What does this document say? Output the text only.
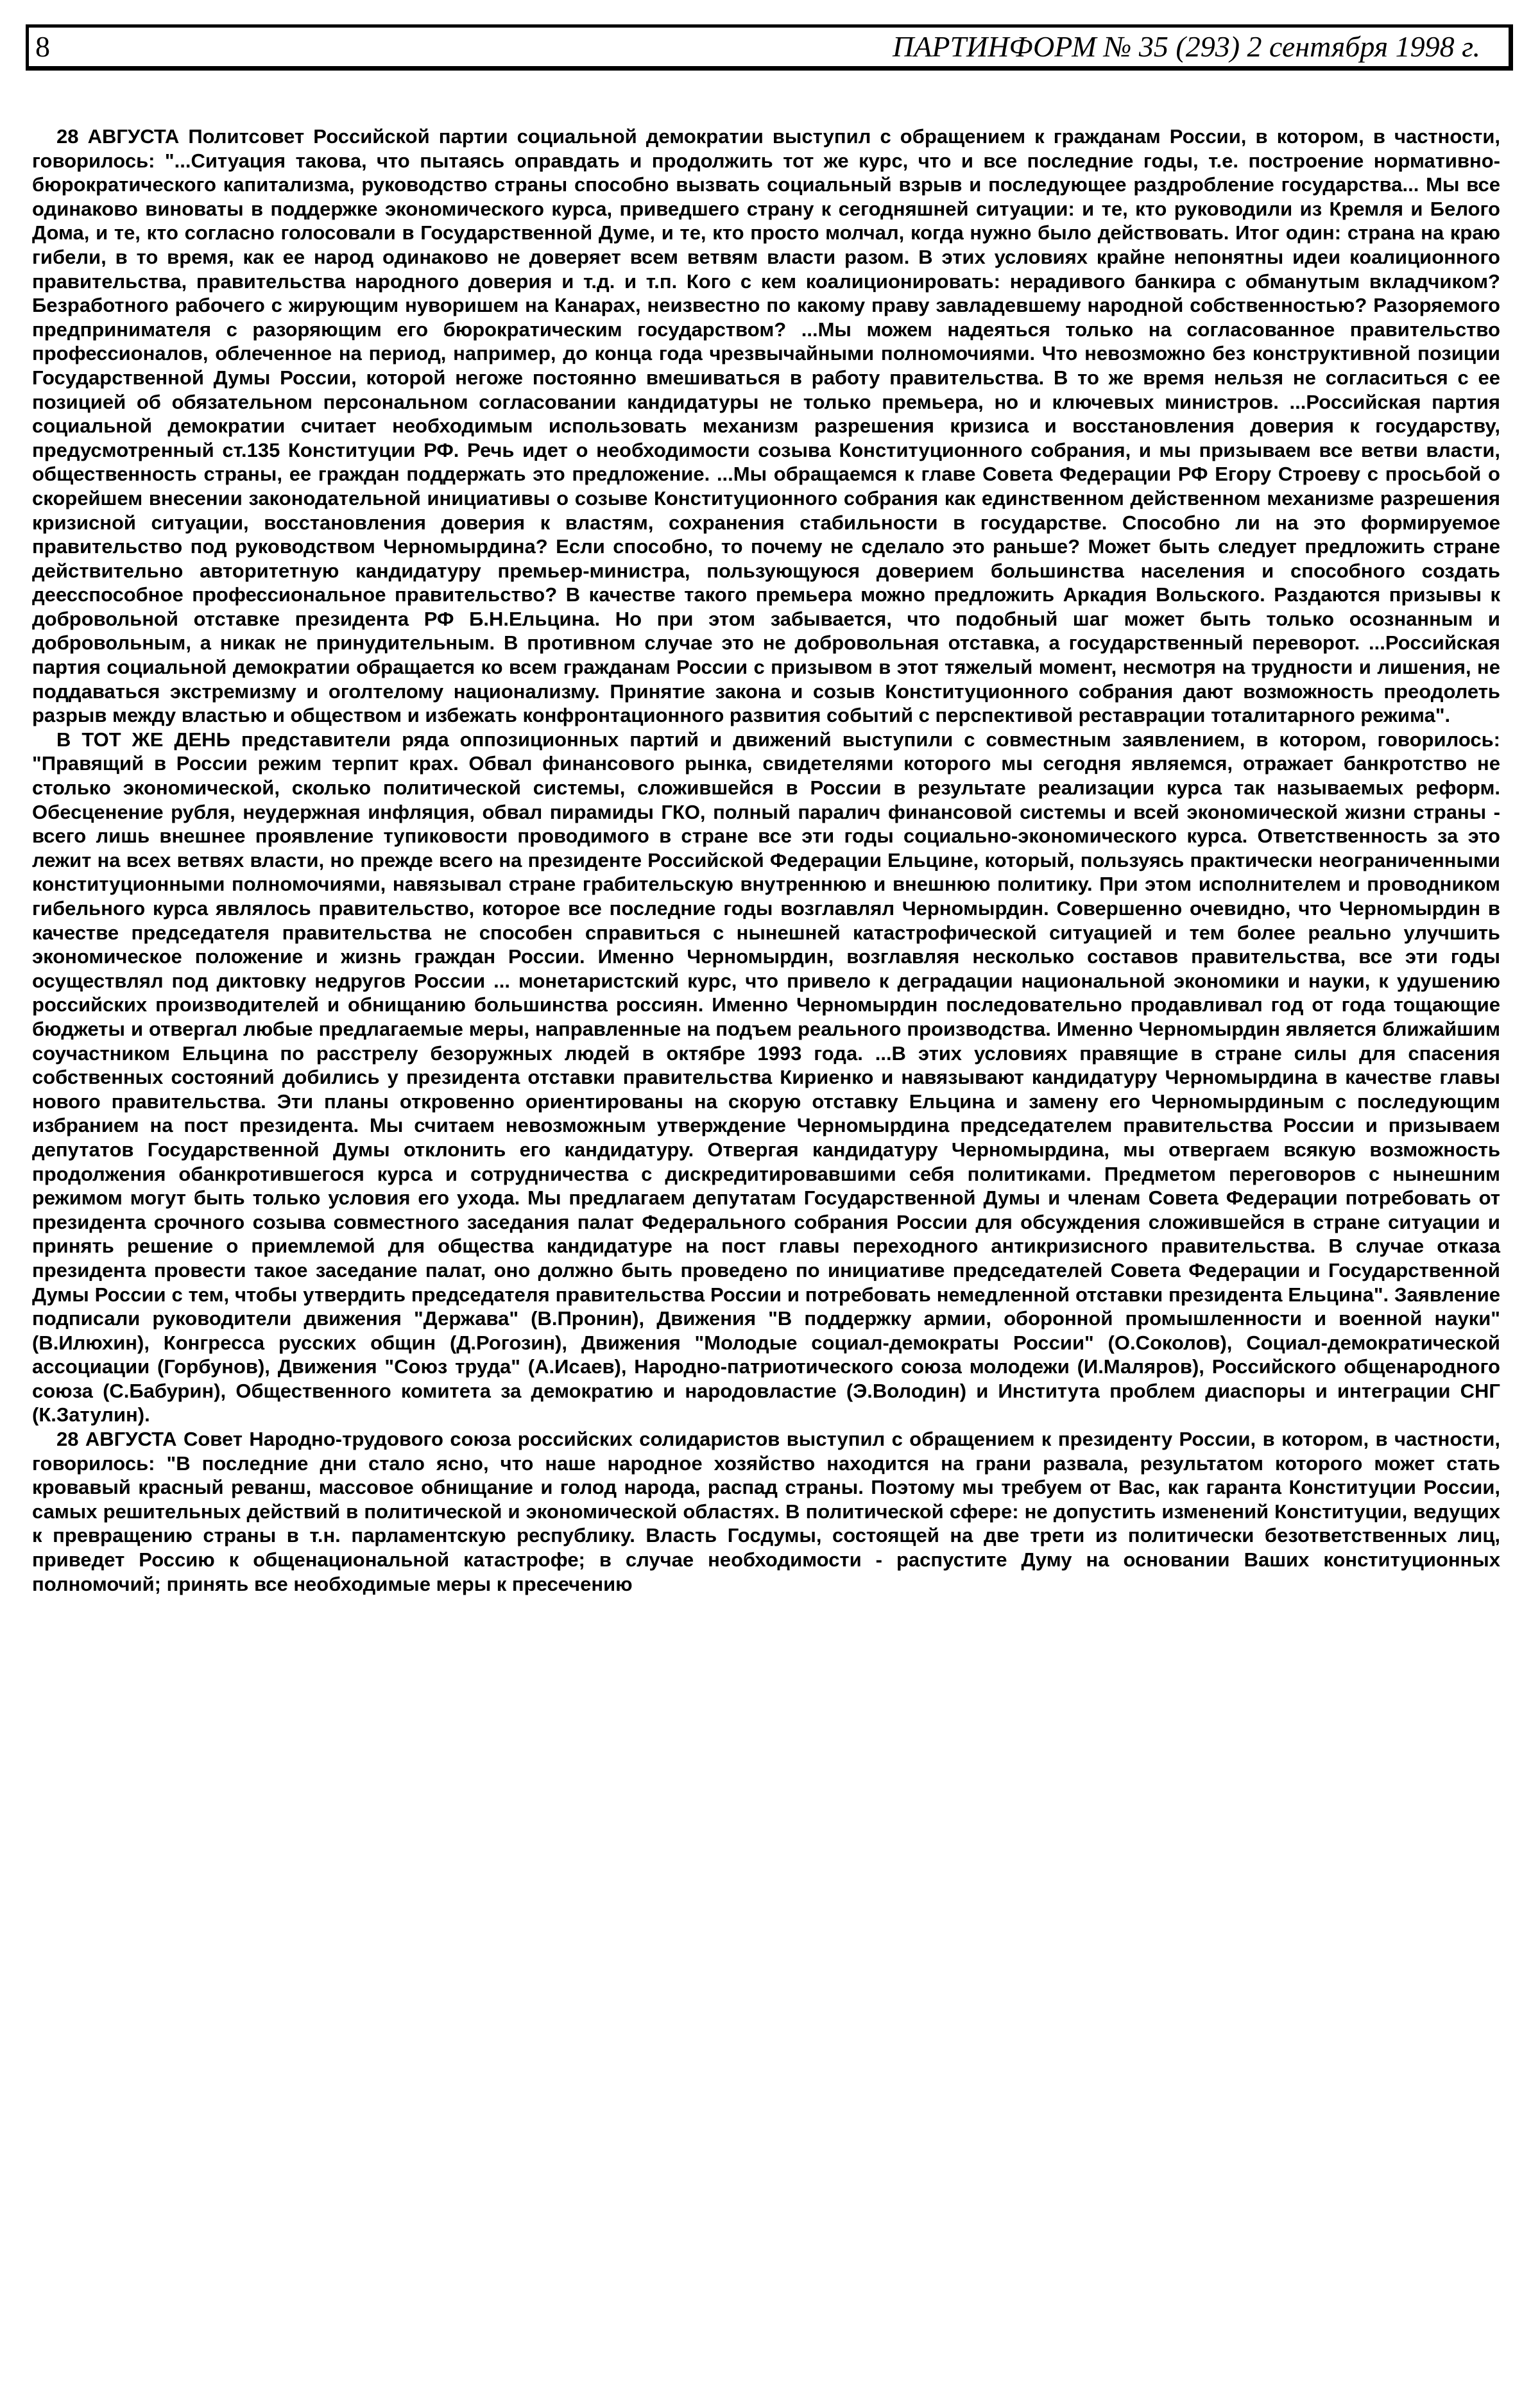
8	ПАРТИНФОРМ № 35 (293) 2 сентября 1998 г.

28 АВГУСТА Политсовет Российской партии социальной демократии выступил с обращением к гражданам России, в котором, в частности, говорилось: "...Ситуация такова, что пытаясь оправдать и продолжить тот же курс, что и все последние годы, т.е. построение нормативно-бюрократического капитализма, руководство страны способно вызвать социальный взрыв и последующее раздробление государства... Мы все одинаково виноваты в поддержке экономического курса, приведшего страну к сегодняшней ситуации: и те, кто руководили из Кремля и Белого Дома, и те, кто согласно голосовали в Государственной Думе, и те, кто просто молчал, когда нужно было действовать. Итог один: страна на краю гибели, в то время, как ее народ одинаково не доверяет всем ветвям власти разом. В этих условиях крайне непонятны идеи коалиционного правительства, правительства народного доверия и т.д. и т.п. Кого с кем коалиционировать: нерадивого банкира с обманутым вкладчиком? Безработного рабочего с жирующим нуворишем на Канарах, неизвестно по какому праву завладевшему народной собственностью? Разоряемого предпринимателя с разоряющим его бюрократическим государством? ...Мы можем надеяться только на согласованное правительство профессионалов, облеченное на период, например, до конца года чрезвычайными полномочиями. Что невозможно без конструктивной позиции Государственной Думы России, которой негоже постоянно вмешиваться в работу правительства. В то же время нельзя не согласиться с ее позицией об обязательном персональном согласовании кандидатуры не только премьера, но и ключевых министров. ...Российская партия социальной демократии считает необходимым использовать механизм разрешения кризиса и восстановления доверия к государству, предусмотренный ст.135 Конституции РФ. Речь идет о необходимости созыва Конституционного собрания, и мы призываем все ветви власти, общественность страны, ее граждан поддержать это предложение. ...Мы обращаемся к главе Совета Федерации РФ Егору Строеву с просьбой о скорейшем внесении законодательной инициативы о созыве Конституционного собрания как единственном действенном механизме разрешения кризисной ситуации, восстановления доверия к властям, сохранения стабильности в государстве. Способно ли на это формируемое правительство под руководством Черномырдина? Если способно, то почему не сделало это раньше? Может быть следует предложить стране действительно авторитетную кандидатуру премьер-министра, пользующуюся доверием большинства населения и способного создать деесспособное профессиональное правительство? В качестве такого премьера можно предложить Аркадия Вольского. Раздаются призывы к добровольной отставке президента РФ Б.Н.Ельцина. Но при этом забывается, что подобный шаг может быть только осознанным и добровольным, а никак не принудительным. В противном случае это не добровольная отставка, а государственный переворот. ...Российская партия социальной демократии обращается ко всем гражданам России с призывом в этот тяжелый момент, несмотря на трудности и лишения, не поддаваться экстремизму и оголтелому национализму. Принятие закона и созыв Конституционного собрания дают возможность преодолеть разрыв между властью и обществом и избежать конфронтационного развития событий с перспективой реставрации тоталитарного режима".

В ТОТ ЖЕ ДЕНЬ представители ряда оппозиционных партий и движений выступили с совместным заявлением, в котором, говорилось: "Правящий в России режим терпит крах. Обвал финансового рынка, свидетелями которого мы сегодня являемся, отражает банкротство не столько экономической, сколько политической системы, сложившейся в России в результате реализации курса так называемых реформ. Обесценение рубля, неудержная инфляция, обвал пирамиды ГКО, полный паралич финансовой системы и всей экономической жизни страны - всего лишь внешнее проявление тупиковости проводимого в стране все эти годы социально-экономического курса. Ответственность за это лежит на всех ветвях власти, но прежде всего на президенте Российской Федерации Ельцине, который, пользуясь практически неограниченными конституционными полномочиями, навязывал стране грабительскую внутреннюю и внешнюю политику. При этом исполнителем и проводником гибельного курса являлось правительство, которое все последние годы возглавлял Черномырдин. Совершенно очевидно, что Черномырдин в качестве председателя правительства не способен справиться с нынешней катастрофической ситуацией и тем более реально улучшить экономическое положение и жизнь граждан России. Именно Черномырдин, возглавляя несколько составов правительства, все эти годы осуществлял под диктовку недругов России ... монетаристский курс, что привело к деградации национальной экономики и науки, к удушению российских производителей и обнищанию большинства россиян. Именно Черномырдин последовательно продавливал год от года тощающие бюджеты и отвергал любые предлагаемые меры, направленные на подъем реального производства. Именно Черномырдин является ближайшим соучастником Ельцина по расстрелу безоружных людей в октябре 1993 года. ...В этих условиях правящие в стране силы для спасения собственных состояний добились у президента отставки правительства Кириенко и навязывают кандидатуру Черномырдина в качестве главы нового правительства. Эти планы откровенно ориентированы на скорую отставку Ельцина и замену его Черномырдиным с последующим избранием на пост президента. Мы считаем невозможным утверждение Черномырдина председателем правительства России и призываем депутатов Государственной Думы отклонить его кандидатуру. Отвергая кандидатуру Черномырдина, мы отвергаем всякую возможность продолжения обанкротившегося курса и сотрудничества с дискредитировавшими себя политиками. Предметом переговоров с нынешним режимом могут быть только условия его ухода. Мы предлагаем депутатам Государственной Думы и членам Совета Федерации потребовать от президента срочного созыва совместного заседания палат Федерального собрания России для обсуждения сложившейся в стране ситуации и принять решение о приемлемой для общества кандидатуре на пост главы переходного антикризисного правительства. В случае отказа президента провести такое заседание палат, оно должно быть проведено по инициативе председателей Совета Федерации и Государственной Думы России с тем, чтобы утвердить председателя правительства России и потребовать немедленной отставки президента Ельцина". Заявление подписали руководители движения "Держава" (В.Пронин), Движения "В поддержку армии, оборонной промышленности и военной науки" (В.Илюхин), Конгресса русских общин (Д.Рогозин), Движения "Молодые социал-демократы России" (О.Соколов), Социал-демократической ассоциации (Горбунов), Движения "Союз труда" (А.Исаев), Народно-патриотического союза молодежи (И.Маляров), Российского общенародного союза (С.Бабурин), Общественного комитета за демократию и народовластие (Э.Володин) и Института проблем диаспоры и интеграции СНГ (К.Затулин).

28 АВГУСТА Совет Народно-трудового союза российских солидаристов выступил с обращением к президенту России, в котором, в частности, говорилось: "В последние дни стало ясно, что наше народное хозяйство находится на грани развала, результатом которого может стать кровавый красный реванш, массовое обнищание и голод народа, распад страны. Поэтому мы требуем от Вас, как гаранта Конституции России, самых решительных действий в политической и экономической областях. В политической сфере: не допустить изменений Конституции, ведущих к превращению страны в т.н. парламентскую республику. Власть Госдумы, состоящей на две трети из политически безответственных лиц, приведет Россию к общенациональной катастрофе; в случае необходимости - распустите Думу на основании Ваших конституционных полномочий; принять все необходимые меры к пресечению
